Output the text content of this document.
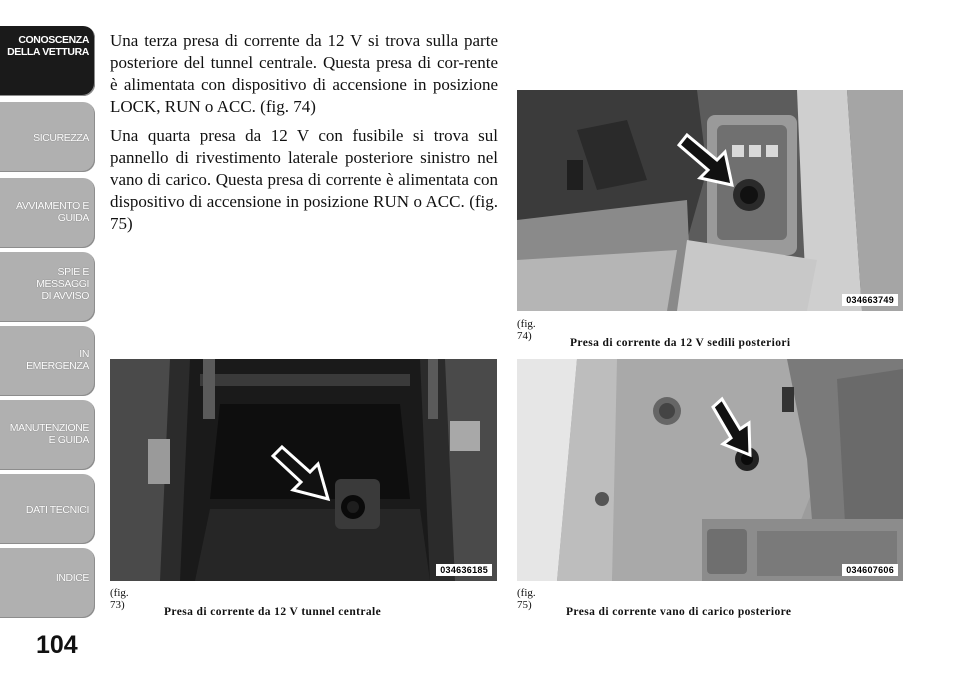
CONOSCENZA
DELLA VETTURA
SICUREZZA
AVVIAMENTO E
GUIDA
SPIE E
MESSAGGI
DI AVVISO
IN
EMERGENZA
MANUTENZIONE
E GUIDA
DATI TECNICI
INDICE
104

Una terza presa di corrente da 12 V si trova sulla parte posteriore del tunnel centrale. Questa presa di cor-rente è alimentata con dispositivo di accensione in posizione LOCK, RUN o ACC. (fig. 74)

Una quarta presa da 12 V con fusibile si trova sul pannello di rivestimento laterale posteriore sinistro nel vano di carico. Questa presa di corrente è alimentata con dispositivo di accensione in posizione RUN o ACC. (fig. 75)

034663749
(fig. 74)
Presa di corrente da 12 V sedili posteriori
034636185
(fig. 73)
Presa di corrente da 12 V tunnel centrale
034607606
(fig. 75)
Presa di corrente vano di carico posteriore
